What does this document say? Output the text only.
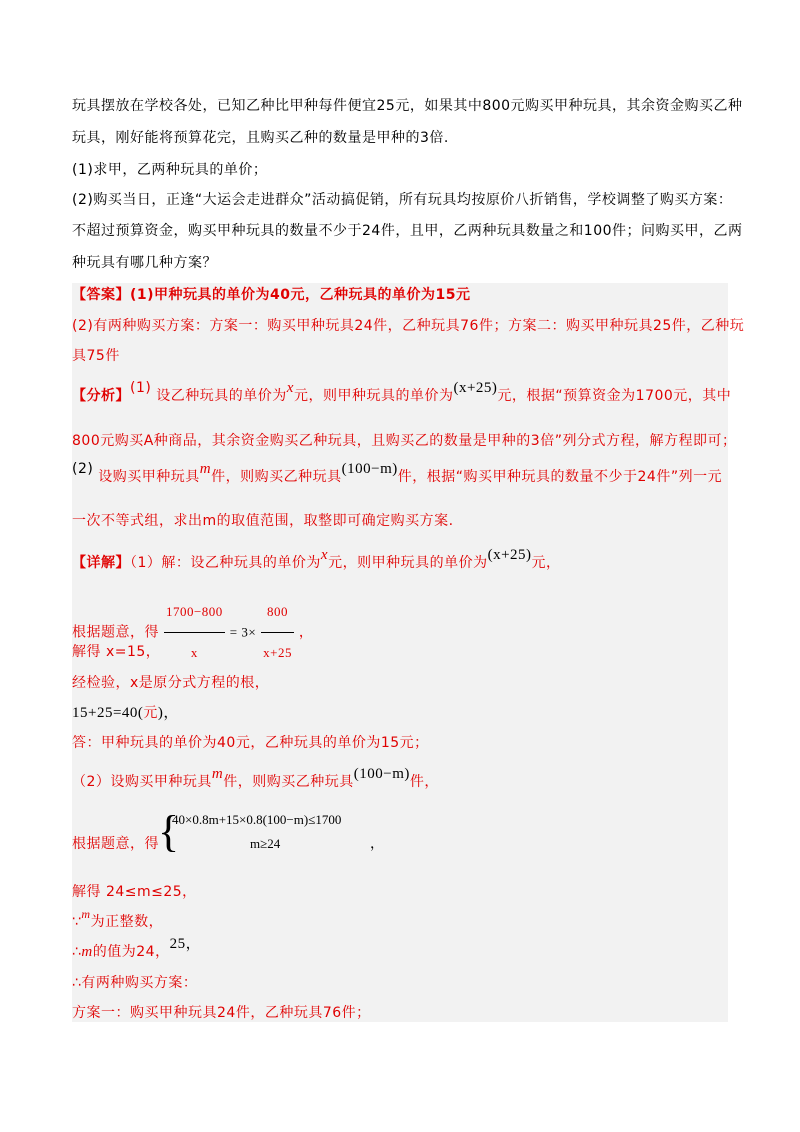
玩具摆放在学校各处，已知乙种比甲种每件便宜25元，如果其中800元购买甲种玩具，其余资金购买乙种
玩具，刚好能将预算花完，且购买乙种的数量是甲种的3倍.
(1)求甲，乙两种玩具的单价；
(2)购买当日，正逢“大运会走进群众”活动搞促销，所有玩具均按原价八折销售，学校调整了购买方案：
不超过预算资金，购买甲种玩具的数量不少于24件，且甲，乙两种玩具数量之和100件；问购买甲，乙两
种玩具有哪几种方案？
【答案】(1)甲种玩具的单价为40元，乙种玩具的单价为15元
(2)有两种购买方案：方案一：购买甲种玩具24件，乙种玩具76件；方案二：购买甲种玩具25件，乙种玩
具75件
【分析】(1) 设乙种玩具的单价为x元，则甲种玩具的单价为(x+25)元，根据“预算资金为1700元，其中
800元购买A种商品，其余资金购买乙种玩具，且购买乙的数量是甲种的3倍”列分式方程，解方程即可；
(2) 设购买甲种玩具m件，则购买乙种玩具(100−m)件，根据“购买甲种玩具的数量不少于24件”列一元
一次不等式组，求出m的取值范围，取整即可确定购买方案.
【详解】（1）解：设乙种玩具的单价为x元，则甲种玩具的单价为(x+25)元，
根据题意，得 $\frac{1700-800}{x} = 3\times \frac{800}{x+25}$ ，
解得 x=15，
经检验，x是原分式方程的根，
15+25=40(元)，
答：甲种玩具的单价为40元，乙种玩具的单价为15元；
（2）设购买甲种玩具m件，则购买乙种玩具(100−m)件，
根据题意，得 {
40×0.8m+15×0.8(100−m)≤1700
m≥24	，
解得 24≤m≤25，
∵m为正整数，
∴m的值为24，25，
∴有两种购买方案：
方案一：购买甲种玩具24件，乙种玩具76件；
